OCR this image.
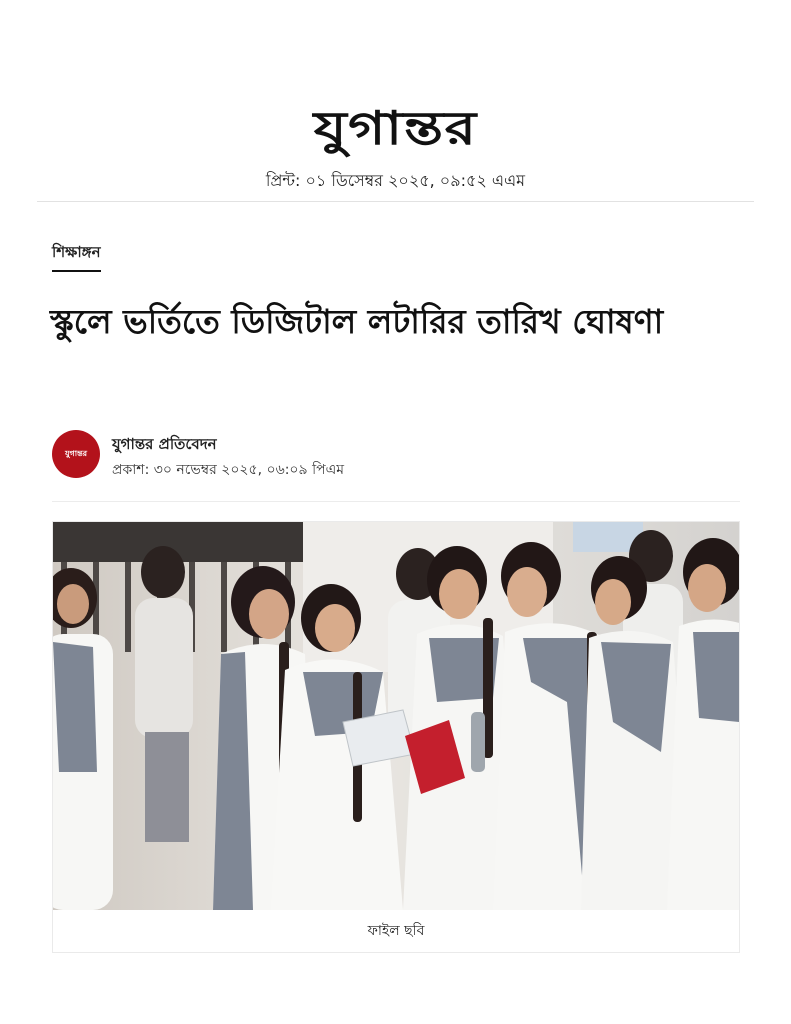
যুগান্তর
প্রিন্ট: ০১ ডিসেম্বর ২০২৫, ০৯:৫২ এএম
শিক্ষাঙ্গন
স্কুলে ভর্তিতে ডিজিটাল লটারির তারিখ ঘোষণা
যুগান্তর যুগান্তর প্রতিবেদন
প্রকাশ: ৩০ নভেম্বর ২০২৫, ০৬:০৯ পিএম
ফাইল ছবি
